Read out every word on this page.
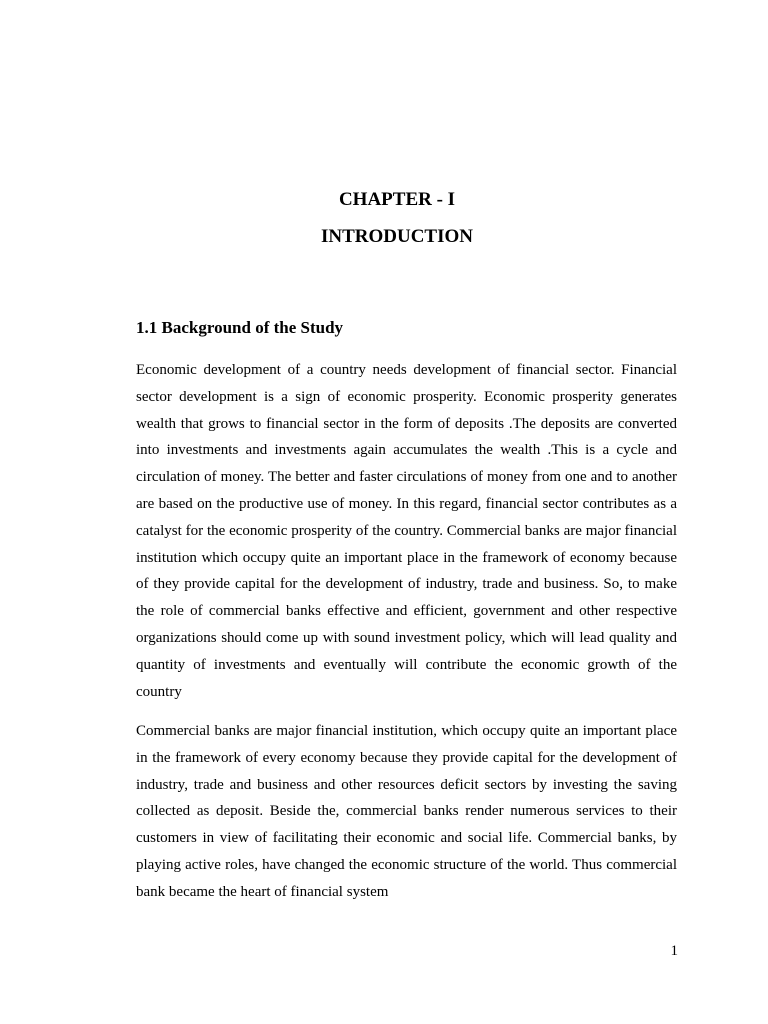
CHAPTER - I
INTRODUCTION
1.1 Background of the Study

Economic development of a country needs development of financial sector. Financial sector development is a sign of economic prosperity. Economic prosperity generates wealth that grows to financial sector in the form of deposits .The deposits are converted into investments and investments again accumulates the wealth .This is a cycle and circulation of money. The better and faster circulations of money from one and to another are based on the productive use of money. In this regard, financial sector contributes as a catalyst for the economic prosperity of the country. Commercial banks are major financial institution which occupy quite an important place in the framework of economy because of they provide capital for the development of industry, trade and business. So, to make the role of commercial banks effective and efficient, government and other respective organizations should come up with sound investment policy, which will lead quality and quantity of investments and eventually will contribute the economic growth of the country

Commercial banks are major financial institution, which occupy quite an important place in the framework of every economy because they provide capital for the development of industry, trade and business and other resources deficit sectors by investing the saving collected as deposit. Beside the, commercial banks render numerous services to their customers in view of facilitating their economic and social life. Commercial banks, by playing active roles, have changed the economic structure of the world. Thus commercial bank became the heart of financial system

1
